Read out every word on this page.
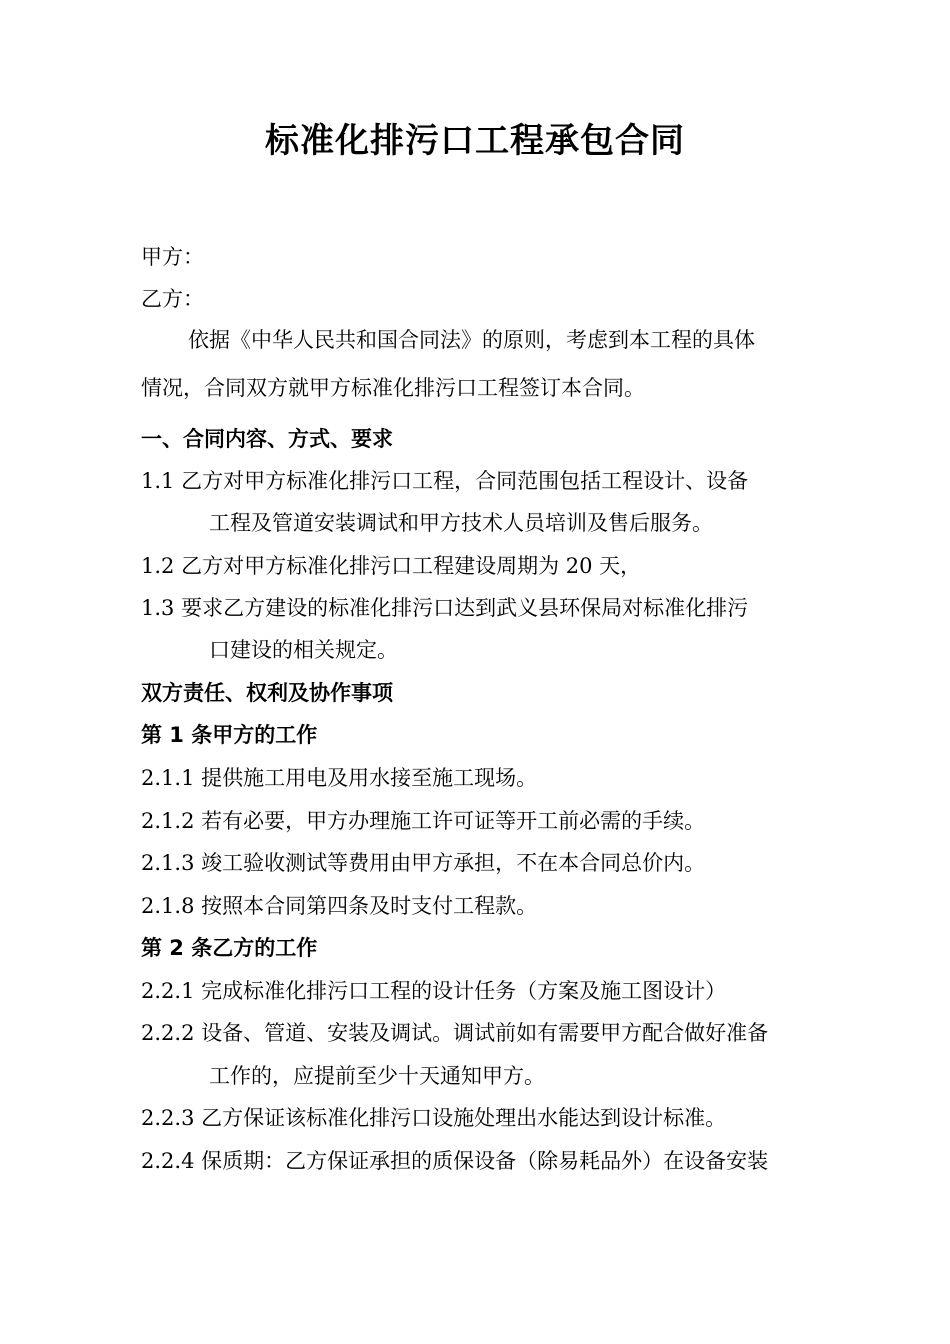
标准化排污口工程承包合同
甲方：
乙方：
依据《中华人民共和国合同法》的原则，考虑到本工程的具体
情况，合同双方就甲方标准化排污口工程签订本合同。
一、合同内容、方式、要求
1.1 乙方对甲方标准化排污口工程，合同范围包括工程设计、设备
工程及管道安装调试和甲方技术人员培训及售后服务。
1.2 乙方对甲方标准化排污口工程建设周期为 20 天，
1.3 要求乙方建设的标准化排污口达到武义县环保局对标准化排污
口建设的相关规定。
双方责任、权利及协作事项
第 1 条甲方的工作
2.1.1 提供施工用电及用水接至施工现场。
2.1.2 若有必要，甲方办理施工许可证等开工前必需的手续。
2.1.3 竣工验收测试等费用由甲方承担，不在本合同总价内。
2.1.8 按照本合同第四条及时支付工程款。
第 2 条乙方的工作
2.2.1 完成标准化排污口工程的设计任务（方案及施工图设计）
2.2.2 设备、管道、安装及调试。调试前如有需要甲方配合做好准备
工作的，应提前至少十天通知甲方。
2.2.3 乙方保证该标准化排污口设施处理出水能达到设计标准。
2.2.4 保质期：乙方保证承担的质保设备（除易耗品外）在设备安装
